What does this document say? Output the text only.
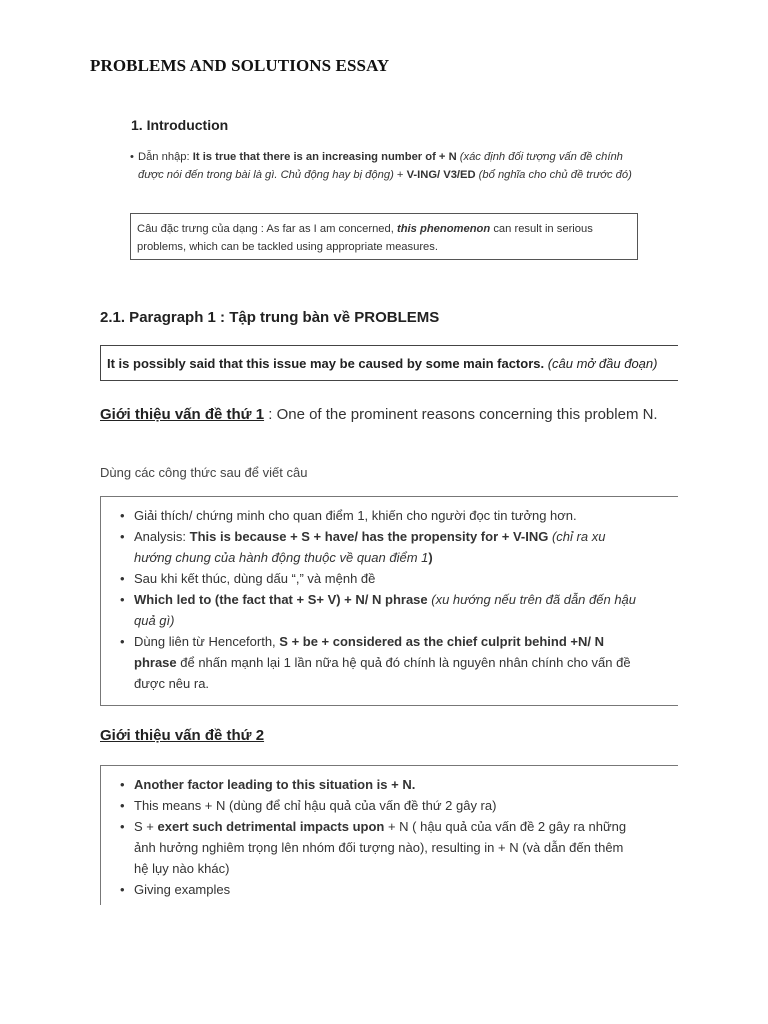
PROBLEMS AND SOLUTIONS ESSAY
1. Introduction
• Dẫn nhập: It is true that there is an increasing number of + N (xác định đối tượng vấn đề chính được nói đến trong bài là gì. Chủ động hay bị động) + V-ING/ V3/ED (bổ nghĩa cho chủ đề trước đó)
Câu đặc trưng của dạng : As far as I am concerned, this phenomenon can result in serious problems, which can be tackled using appropriate measures.
2.1. Paragraph 1 : Tập trung bàn về PROBLEMS
It is possibly said that this issue may be caused by some main factors. (câu mở đầu đoạn)
Giới thiệu vấn đề thứ 1 : One of the prominent reasons concerning this problem N.
Dùng các công thức sau để viết câu
• Giải thích/ chứng minh cho quan điểm 1, khiến cho người đọc tin tưởng hơn.
• Analysis: This is because + S + have/ has the propensity for + V-ING (chỉ ra xu
hướng chung của hành động thuộc về quan điểm 1)
• Sau khi kết thúc, dùng dấu “,” và mệnh đề
• Which led to (the fact that + S+ V) + N/ N phrase (xu hướng nếu trên đã dẫn đến hậu
quả gì)
• Dùng liên từ Henceforth, S + be + considered as the chief culprit behind +N/ N
phrase để nhấn mạnh lại 1 lần nữa hệ quả đó chính là nguyên nhân chính cho vấn đề
được nêu ra.
Giới thiệu vấn đề thứ 2
• Another factor leading to this situation is + N.
• This means + N (dùng để chỉ hậu quả của vấn đề thứ 2 gây ra)
• S + exert such detrimental impacts upon + N ( hậu quả của vấn đề 2 gây ra những
ảnh hưởng nghiêm trọng lên nhóm đối tượng nào), resulting in + N (và dẫn đến thêm
hệ lụy nào khác)
• Giving examples
